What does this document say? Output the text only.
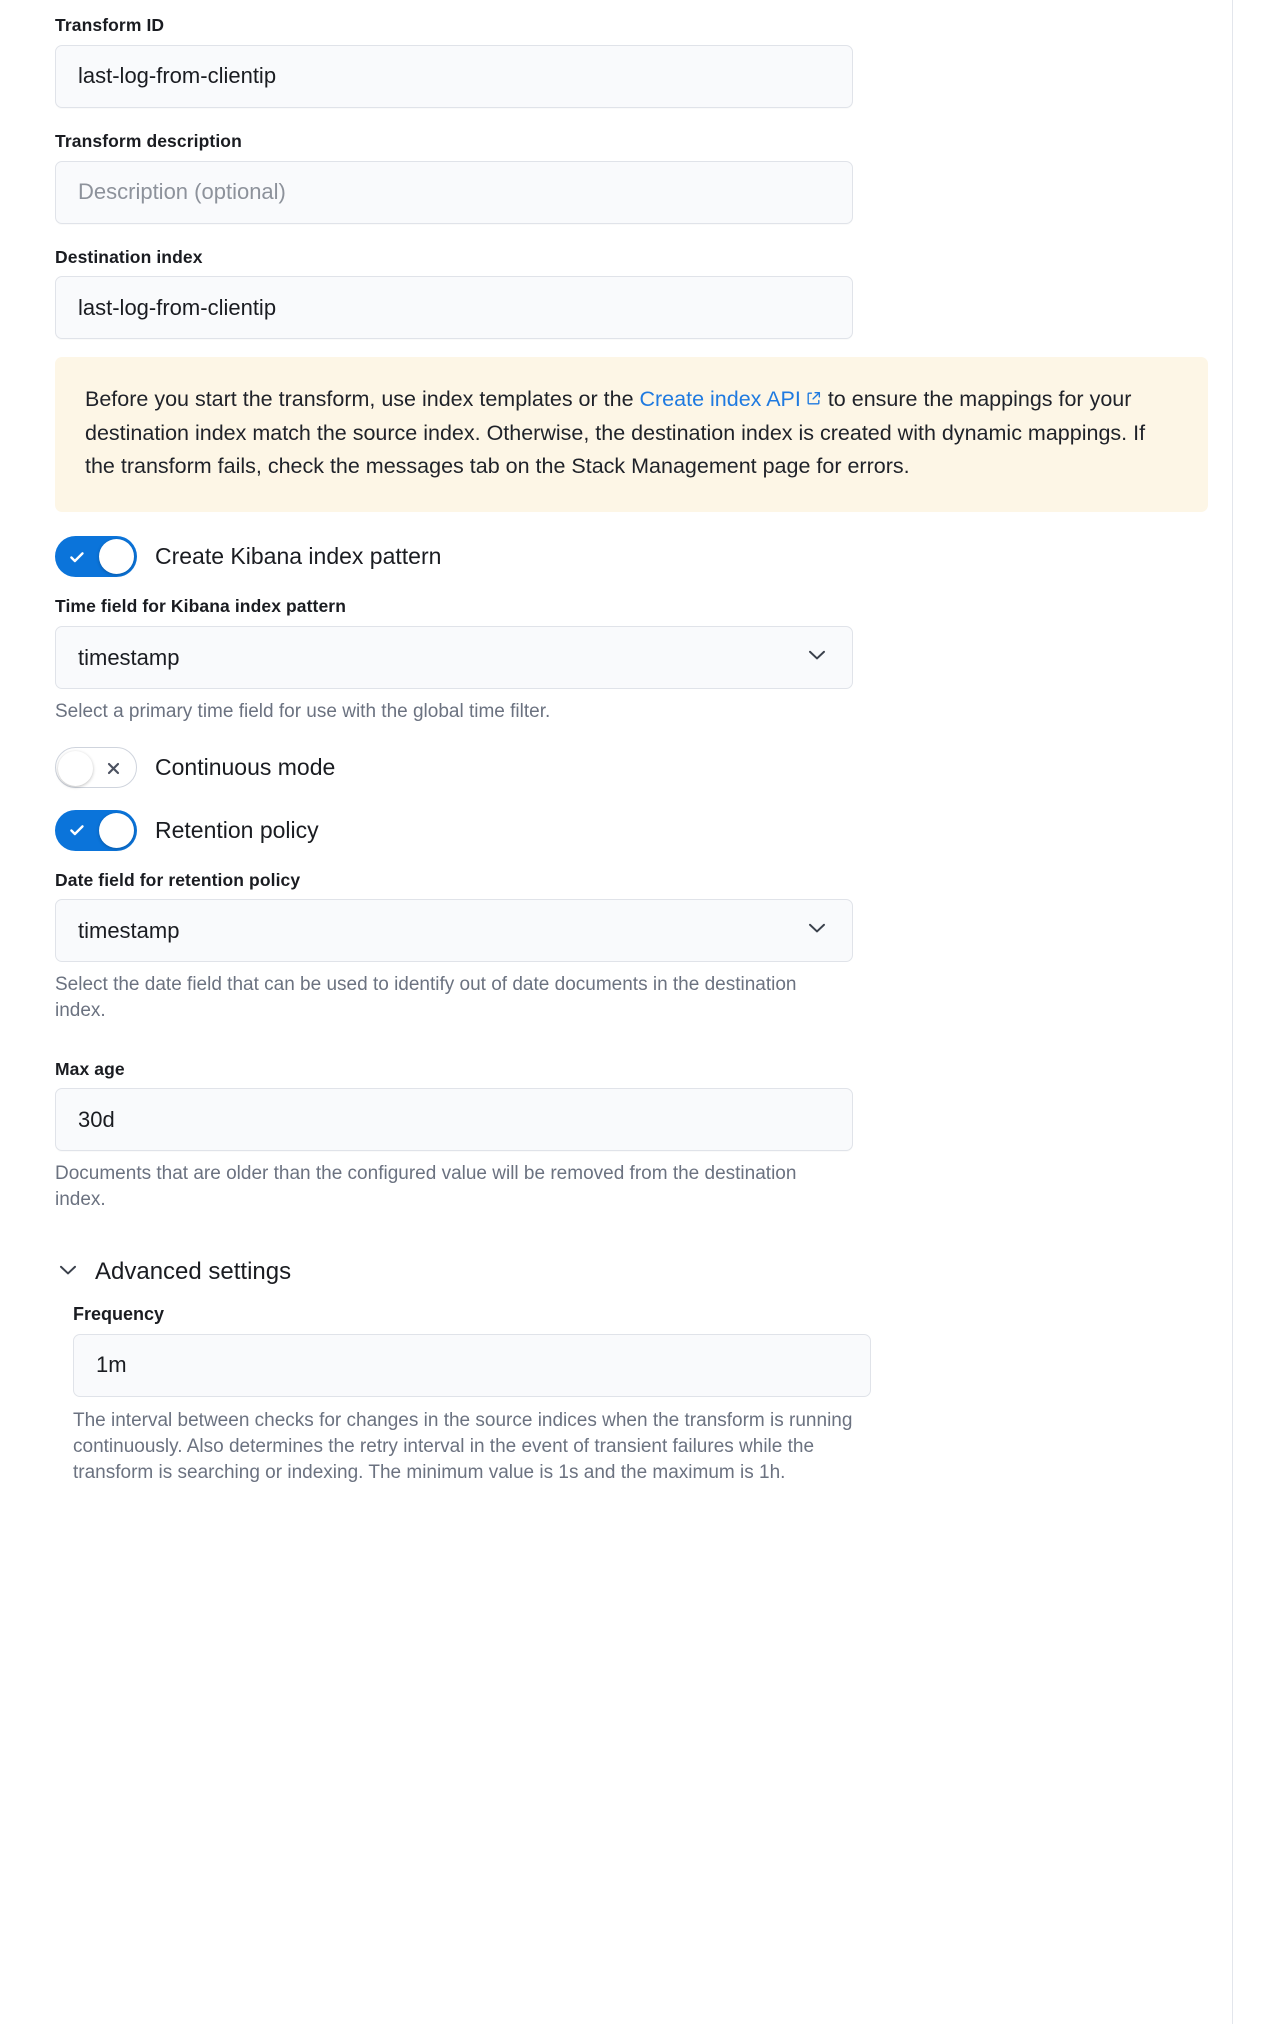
Transform ID
last-log-from-clientip
Transform description
Description (optional)
Destination index
last-log-from-clientip

Before you start the transform, use index templates or the Create index API to ensure the mappings for your destination index match the source index. Otherwise, the destination index is created with dynamic mappings. If the transform fails, check the messages tab on the Stack Management page for errors.

Create Kibana index pattern
Time field for Kibana index pattern
timestamp
Select a primary time field for use with the global time filter.
Continuous mode
Retention policy
Date field for retention policy
timestamp
Select the date field that can be used to identify out of date documents in the destination index.
Max age
30d
Documents that are older than the configured value will be removed from the destination index.
Advanced settings
Frequency
1m
The interval between checks for changes in the source indices when the transform is running continuously. Also determines the retry interval in the event of transient failures while the transform is searching or indexing. The minimum value is 1s and the maximum is 1h.
